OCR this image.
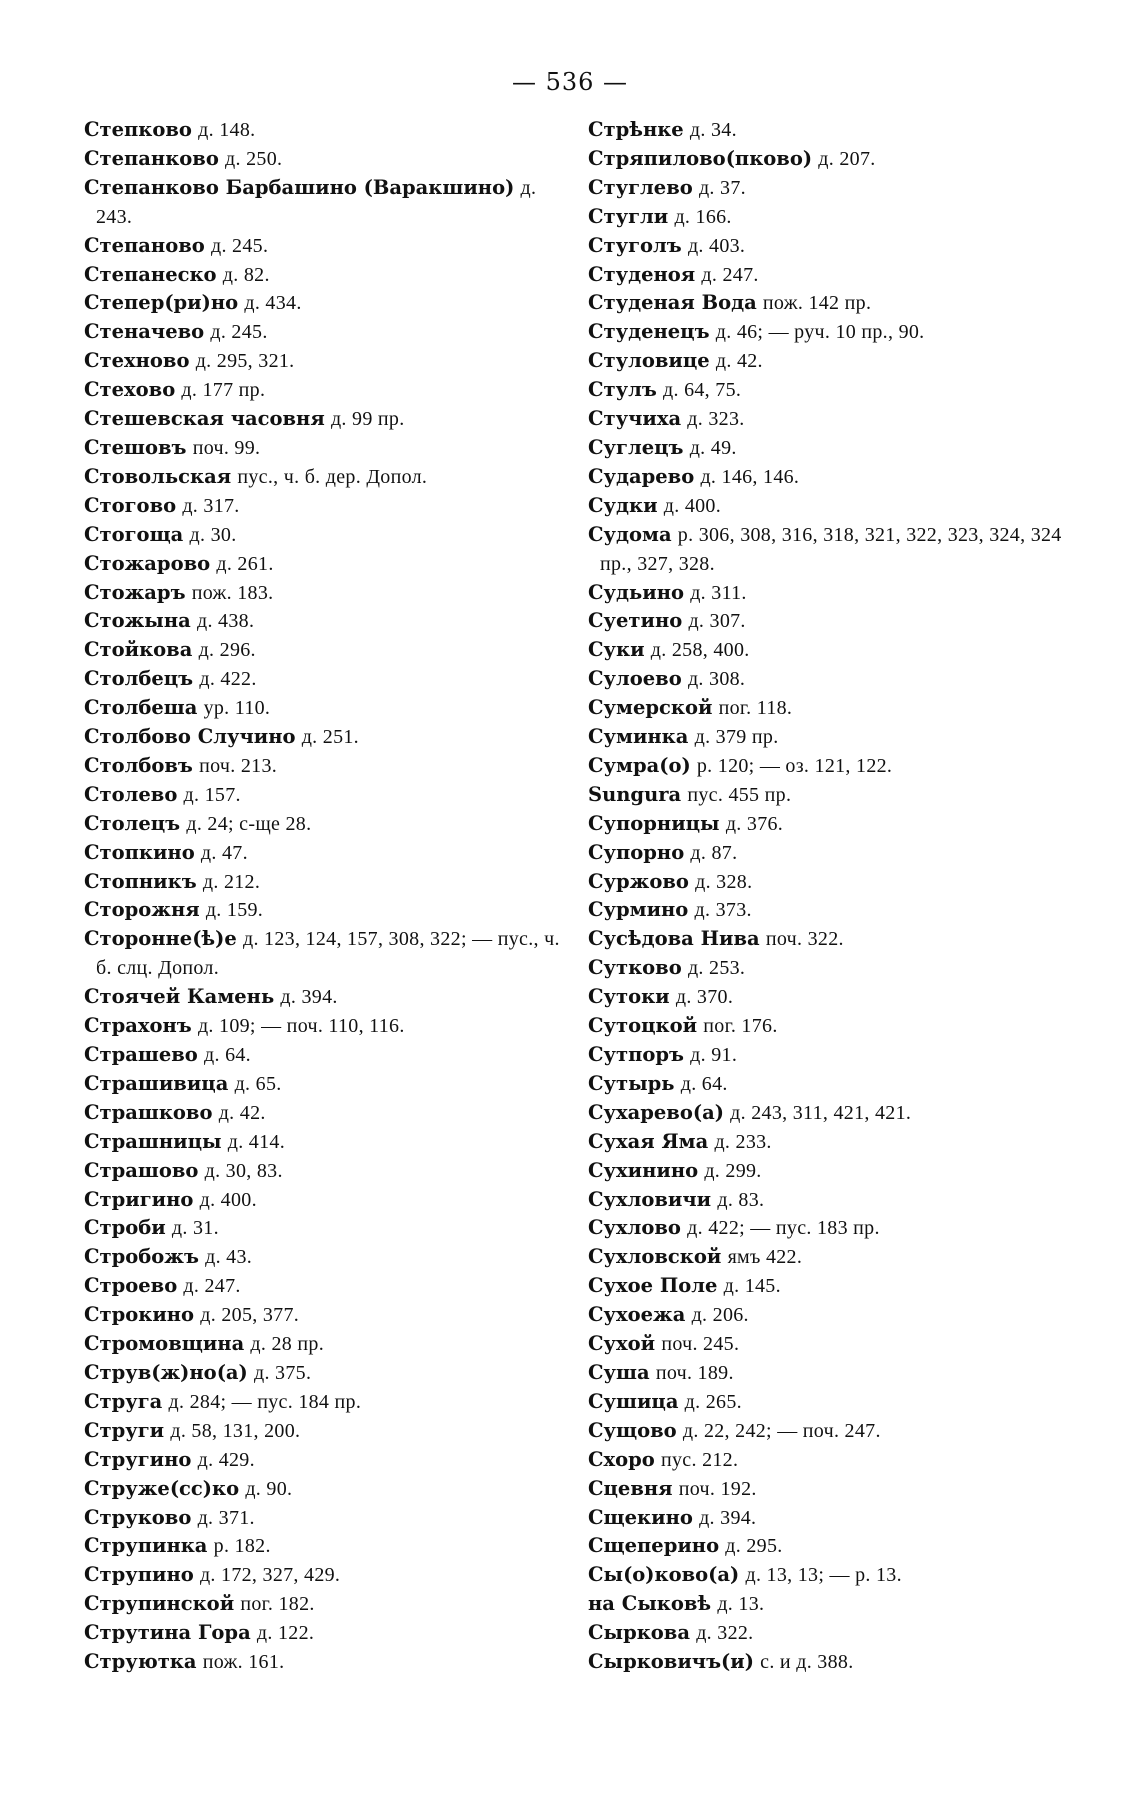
— 536 —
Степково д. 148.
Степанково д. 250.
Степанково Барбашино (Варакшино) д. 243.
Степаново д. 245.
Степанеско д. 82.
Степер(ри)но д. 434.
Стеначево д. 245.
Стехново д. 295, 321.
Стехово д. 177 пр.
Стешевская часовня д. 99 пр.
Стешовъ поч. 99.
Стовольская пус., ч. б. дер. Допол.
Стогово д. 317.
Стогоща д. 30.
Стожарово д. 261.
Стожаръ пож. 183.
Стожына д. 438.
Стойкова д. 296.
Столбецъ д. 422.
Столбеша ур. 110.
Столбово Случино д. 251.
Столбовъ поч. 213.
Столево д. 157.
Столецъ д. 24; с-ще 28.
Стопкино д. 47.
Стопникъ д. 212.
Сторожня д. 159.
Стороннe(ѣ)е д. 123, 124, 157, 308, 322; — пус., ч. б. слц. Допол.
Стоячей Камень д. 394.
Страхонъ д. 109; — поч. 110, 116.
Страшево д. 64.
Страшивица д. 65.
Страшково д. 42.
Страшницы д. 414.
Страшово д. 30, 83.
Стригино д. 400.
Строби д. 31.
Стробожъ д. 43.
Строево д. 247.
Строкино д. 205, 377.
Стромовщина д. 28 пр.
Струв(ж)но(а) д. 375.
Струга д. 284; — пус. 184 пр.
Струги д. 58, 131, 200.
Стругино д. 429.
Струже(сс)ко д. 90.
Струково д. 371.
Струпинка р. 182.
Струпино д. 172, 327, 429.
Струпинской пог. 182.
Струтина Гора д. 122.
Струютка пож. 161.
Стрѣнке д. 34.
Стряпилово(пково) д. 207.
Стуглево д. 37.
Стугли д. 166.
Стуголъ д. 403.
Студеноя д. 247.
Студеная Вода пож. 142 пр.
Студенецъ д. 46; — руч. 10 пр., 90.
Стуловице д. 42.
Стулъ д. 64, 75.
Стучиха д. 323.
Суглецъ д. 49.
Сударево д. 146, 146.
Судки д. 400.
Судома р. 306, 308, 316, 318, 321, 322, 323, 324, 324 пр., 327, 328.
Судьино д. 311.
Суетино д. 307.
Суки д. 258, 400.
Сулоево д. 308.
Сумерской пог. 118.
Суминка д. 379 пр.
Сумра(о) р. 120; — оз. 121, 122.
Sungura пус. 455 пр.
Супорницы д. 376.
Супорно д. 87.
Суржово д. 328.
Сурмино д. 373.
Сусѣдова Нива поч. 322.
Сутково д. 253.
Сутоки д. 370.
Сутоцкой пог. 176.
Сутпоръ д. 91.
Сутырь д. 64.
Сухарево(а) д. 243, 311, 421, 421.
Сухая Яма д. 233.
Сухинино д. 299.
Сухловичи д. 83.
Сухлово д. 422; — пус. 183 пр.
Сухловской ямъ 422.
Сухое Поле д. 145.
Сухоежа д. 206.
Сухой поч. 245.
Суша поч. 189.
Сушица д. 265.
Сущово д. 22, 242; — поч. 247.
Схоро пус. 212.
Сцевня поч. 192.
Сщекино д. 394.
Сщеперино д. 295.
Сы(о)ково(а) д. 13, 13; — р. 13.
на Сыковѣ д. 13.
Сыркова д. 322.
Сырковичъ(и) с. и д. 388.
